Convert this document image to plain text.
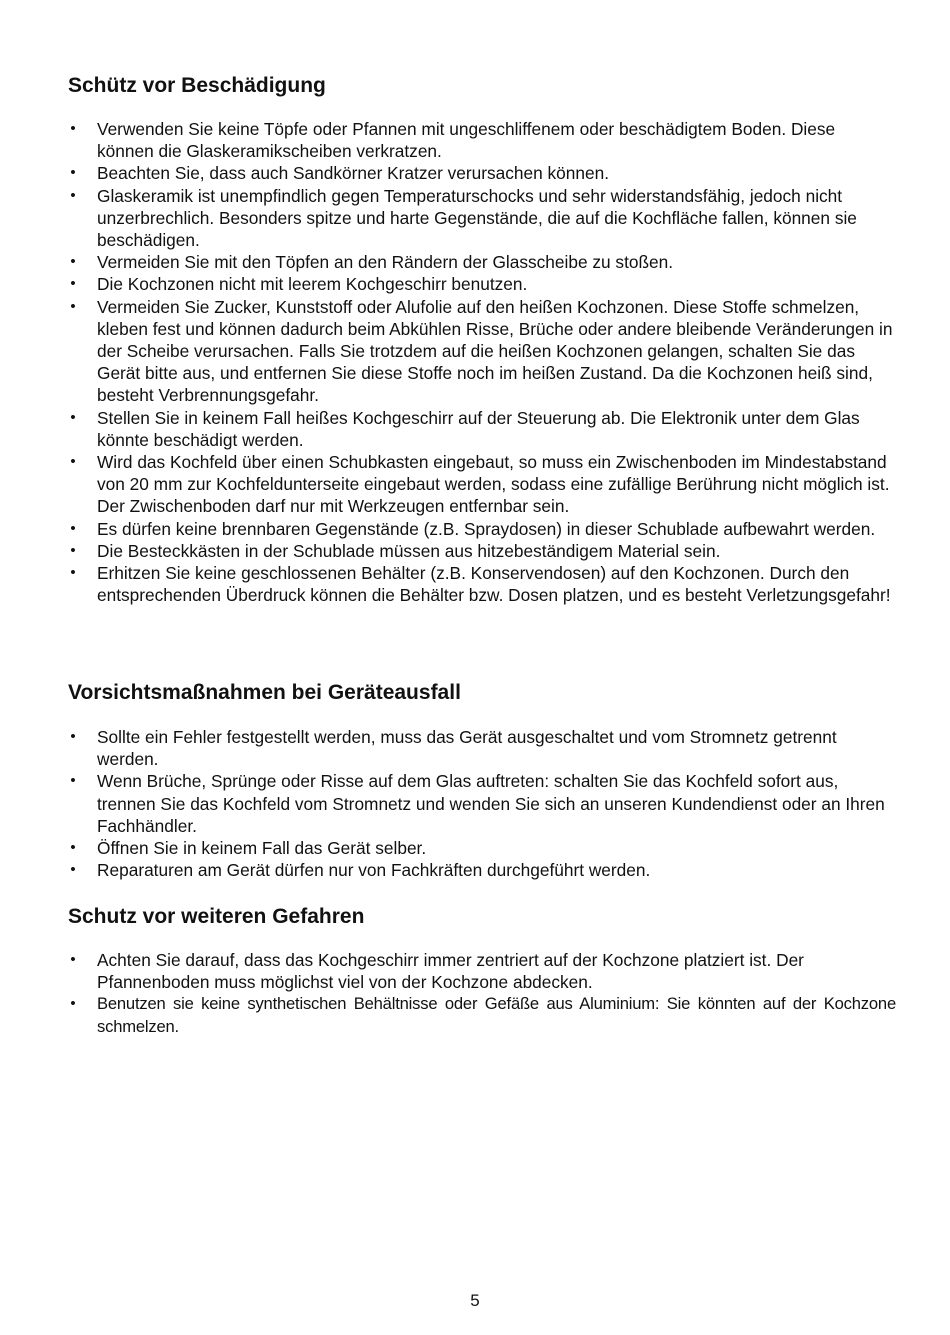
Schütz vor Beschädigung
• Verwenden Sie keine Töpfe oder Pfannen mit ungeschliffenem oder beschädigtem Boden. Diese können die Glaskeramikscheiben verkratzen.
• Beachten Sie, dass auch Sandkörner Kratzer verursachen können.
• Glaskeramik ist unempfindlich gegen Temperaturschocks und sehr widerstandsfähig, jedoch nicht unzerbrechlich. Besonders spitze und harte Gegenstände, die auf die Kochfläche fallen, können sie beschädigen.
• Vermeiden Sie mit den Töpfen an den Rändern der Glasscheibe zu stoßen.
• Die Kochzonen nicht mit leerem Kochgeschirr benutzen.
• Vermeiden Sie Zucker, Kunststoff oder Alufolie auf den heißen Kochzonen. Diese Stoffe schmelzen, kleben fest und können dadurch beim Abkühlen Risse, Brüche oder andere bleibende Veränderungen in der Scheibe verursachen. Falls Sie trotzdem auf die heißen Kochzonen gelangen, schalten Sie das Gerät bitte aus, und entfernen Sie diese Stoffe noch im heißen Zustand. Da die Kochzonen heiß sind, besteht Verbrennungsgefahr.
• Stellen Sie in keinem Fall heißes Kochgeschirr auf der Steuerung ab. Die Elektronik unter dem Glas könnte beschädigt werden.
• Wird das Kochfeld über einen Schubkasten eingebaut, so muss ein Zwischenboden im Mindestabstand von 20 mm zur Kochfeldunterseite eingebaut werden, sodass eine zufällige Berührung nicht möglich ist. Der Zwischenboden darf nur mit Werkzeugen entfernbar sein.
• Es dürfen keine brennbaren Gegenstände (z.B. Spraydosen) in dieser Schublade aufbewahrt werden.
• Die Besteckkästen in der Schublade müssen aus hitzebeständigem Material sein.
• Erhitzen Sie keine geschlossenen Behälter (z.B. Konservendosen) auf den Kochzonen. Durch den entsprechenden Überdruck können die Behälter bzw. Dosen platzen, und es besteht Verletzungsgefahr!
Vorsichtsmaßnahmen bei Geräteausfall
• Sollte ein Fehler festgestellt werden, muss das Gerät ausgeschaltet und vom Stromnetz getrennt werden.
• Wenn Brüche, Sprünge oder Risse auf dem Glas auftreten: schalten Sie das Kochfeld sofort aus, trennen Sie das Kochfeld vom Stromnetz und wenden Sie sich an unseren Kundendienst oder an Ihren Fachhändler.
• Öffnen Sie in keinem Fall das Gerät selber.
• Reparaturen am Gerät dürfen nur von Fachkräften durchgeführt werden.
Schutz vor weiteren Gefahren
• Achten Sie darauf, dass das Kochgeschirr immer zentriert auf der Kochzone platziert ist. Der Pfannenboden muss möglichst viel von der Kochzone abdecken.
• Benutzen sie keine synthetischen Behältnisse oder Gefäße aus Aluminium: Sie könnten auf der Kochzone schmelzen.
5
